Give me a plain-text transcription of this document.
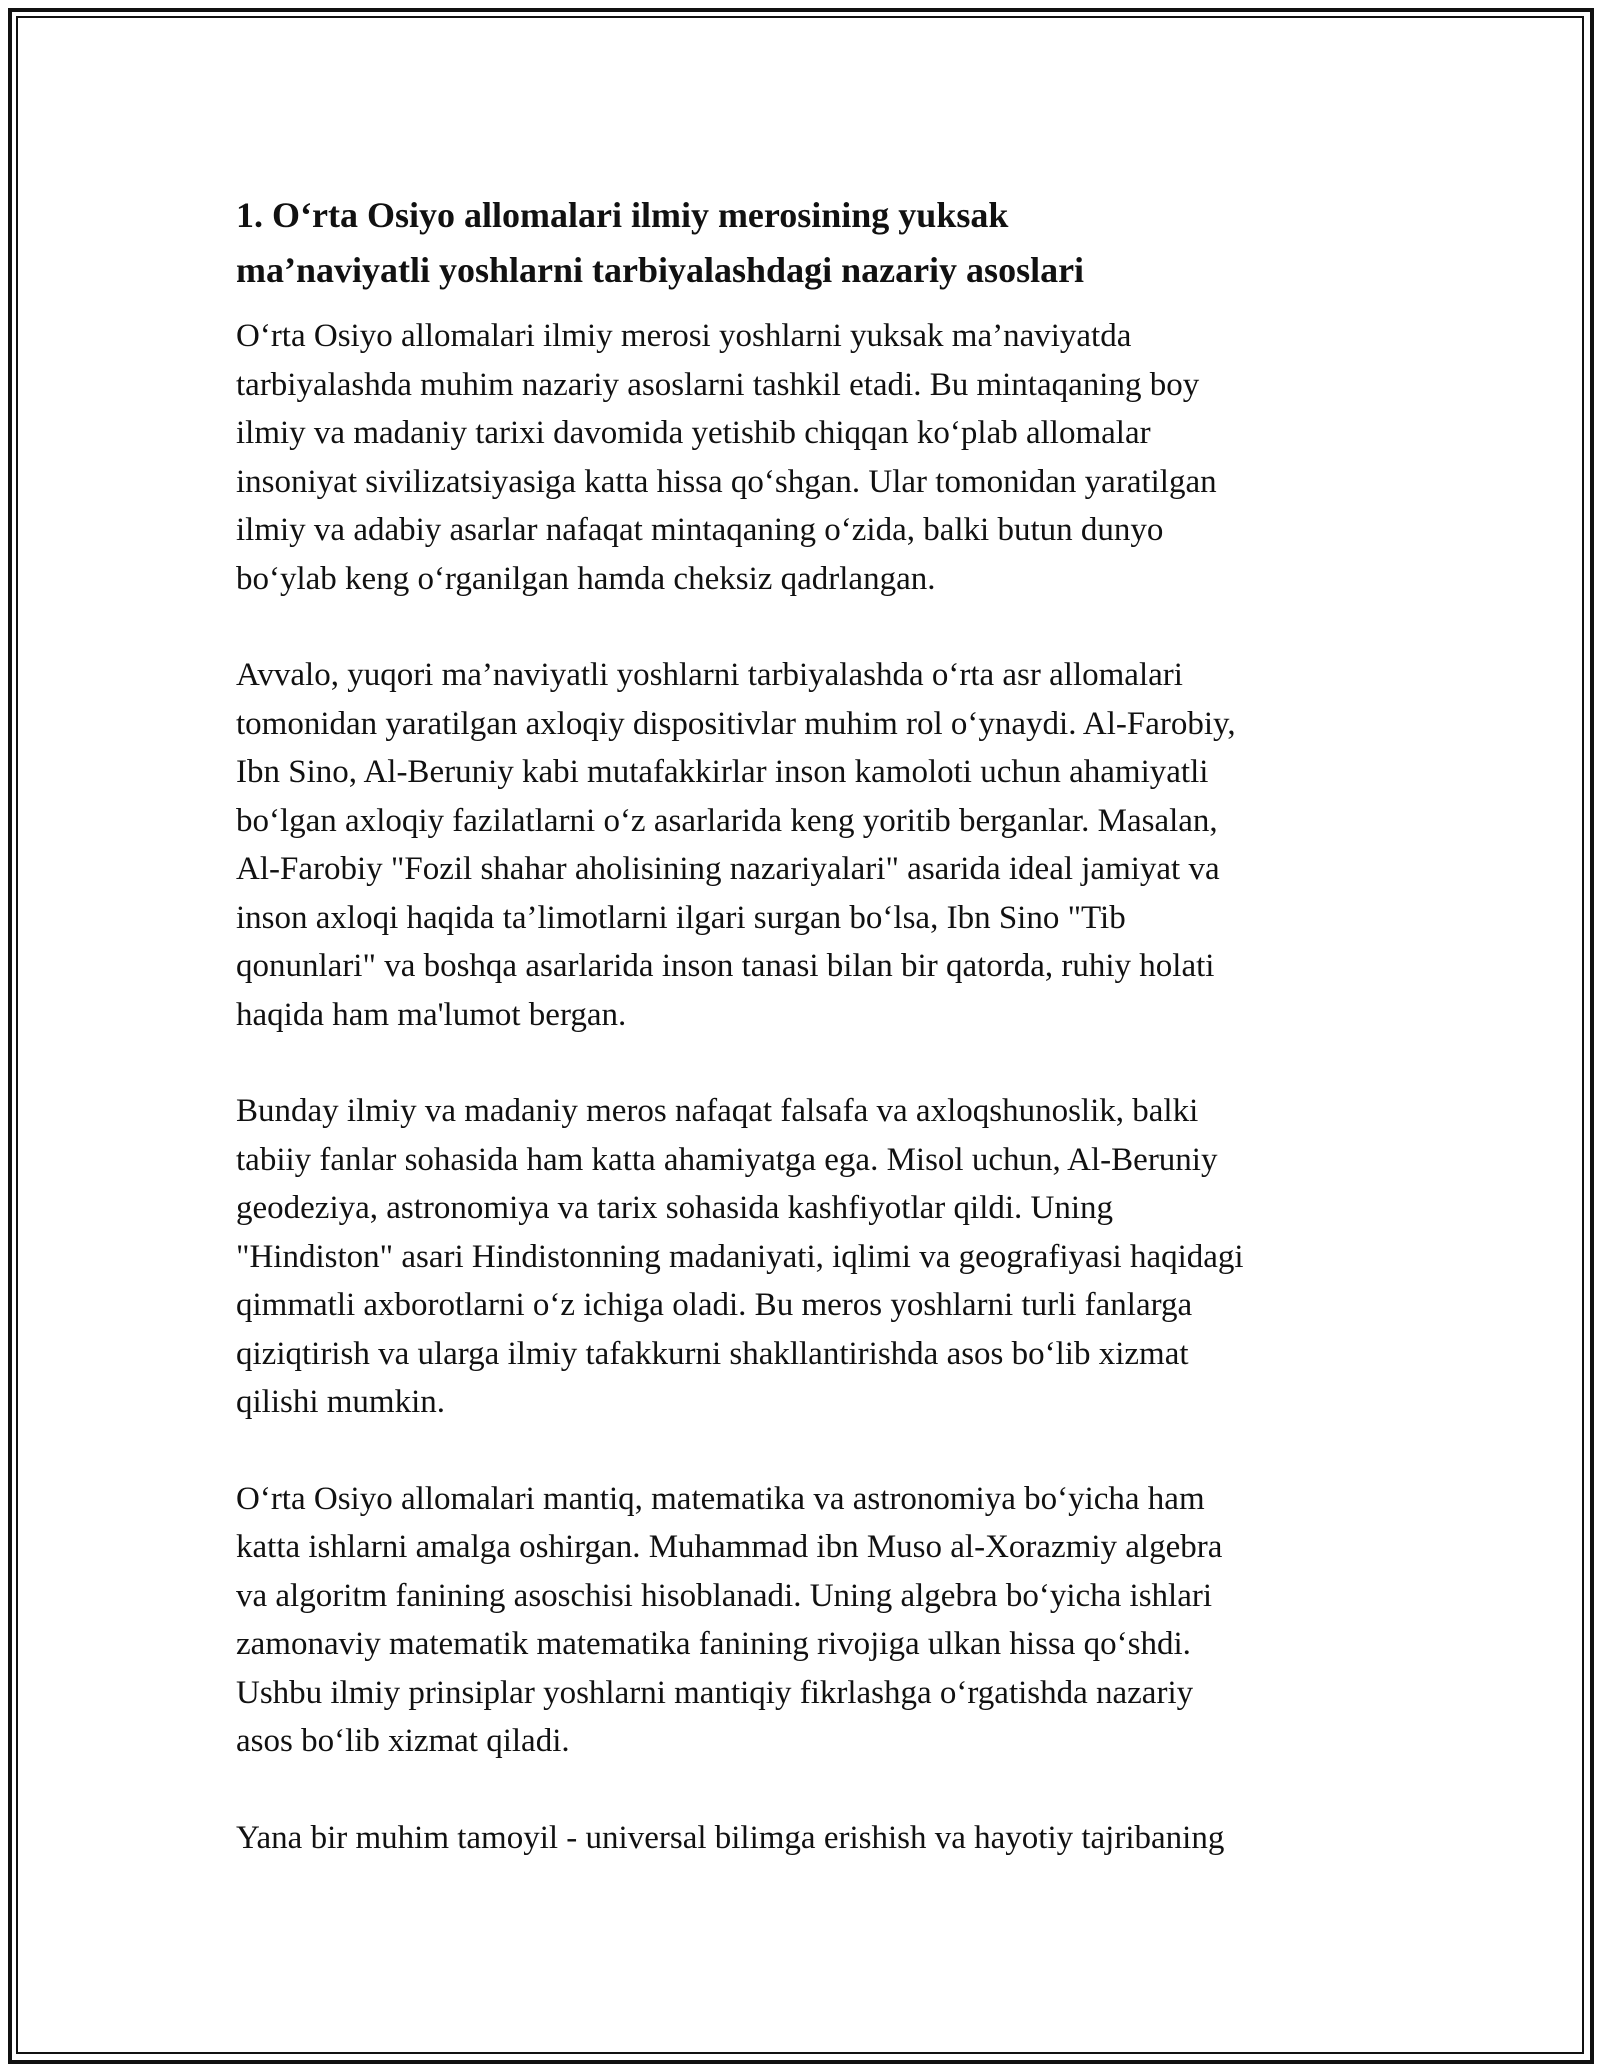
1. O‘rta Osiyo allomalari ilmiy merosining yuksak
ma’naviyatli yoshlarni tarbiyalashdagi nazariy asoslari

O‘rta Osiyo allomalari ilmiy merosi yoshlarni yuksak ma’naviyatda
tarbiyalashda muhim nazariy asoslarni tashkil etadi. Bu mintaqaning boy
ilmiy va madaniy tarixi davomida yetishib chiqqan ko‘plab allomalar
insoniyat sivilizatsiyasiga katta hissa qo‘shgan. Ular tomonidan yaratilgan
ilmiy va adabiy asarlar nafaqat mintaqaning o‘zida, balki butun dunyo
bo‘ylab keng o‘rganilgan hamda cheksiz qadrlangan.

Avvalo, yuqori ma’naviyatli yoshlarni tarbiyalashda o‘rta asr allomalari
tomonidan yaratilgan axloqiy dispositivlar muhim rol o‘ynaydi. Al-Farobiy,
Ibn Sino, Al-Beruniy kabi mutafakkirlar inson kamoloti uchun ahamiyatli
bo‘lgan axloqiy fazilatlarni o‘z asarlarida keng yoritib berganlar. Masalan,
Al-Farobiy "Fozil shahar aholisining nazariyalari" asarida ideal jamiyat va
inson axloqi haqida ta’limotlarni ilgari surgan bo‘lsa, Ibn Sino "Tib
qonunlari" va boshqa asarlarida inson tanasi bilan bir qatorda, ruhiy holati
haqida ham ma'lumot bergan.

Bunday ilmiy va madaniy meros nafaqat falsafa va axloqshunoslik, balki
tabiiy fanlar sohasida ham katta ahamiyatga ega. Misol uchun, Al-Beruniy
geodeziya, astronomiya va tarix sohasida kashfiyotlar qildi. Uning
"Hindiston" asari Hindistonning madaniyati, iqlimi va geografiyasi haqidagi
qimmatli axborotlarni o‘z ichiga oladi. Bu meros yoshlarni turli fanlarga
qiziqtirish va ularga ilmiy tafakkurni shakllantirishda asos bo‘lib xizmat
qilishi mumkin.

O‘rta Osiyo allomalari mantiq, matematika va astronomiya bo‘yicha ham
katta ishlarni amalga oshirgan. Muhammad ibn Muso al-Xorazmiy algebra
va algoritm fanining asoschisi hisoblanadi. Uning algebra bo‘yicha ishlari
zamonaviy matematik matematika fanining rivojiga ulkan hissa qo‘shdi.
Ushbu ilmiy prinsiplar yoshlarni mantiqiy fikrlashga o‘rgatishda nazariy
asos bo‘lib xizmat qiladi.

Yana bir muhim tamoyil - universal bilimga erishish va hayotiy tajribaning
